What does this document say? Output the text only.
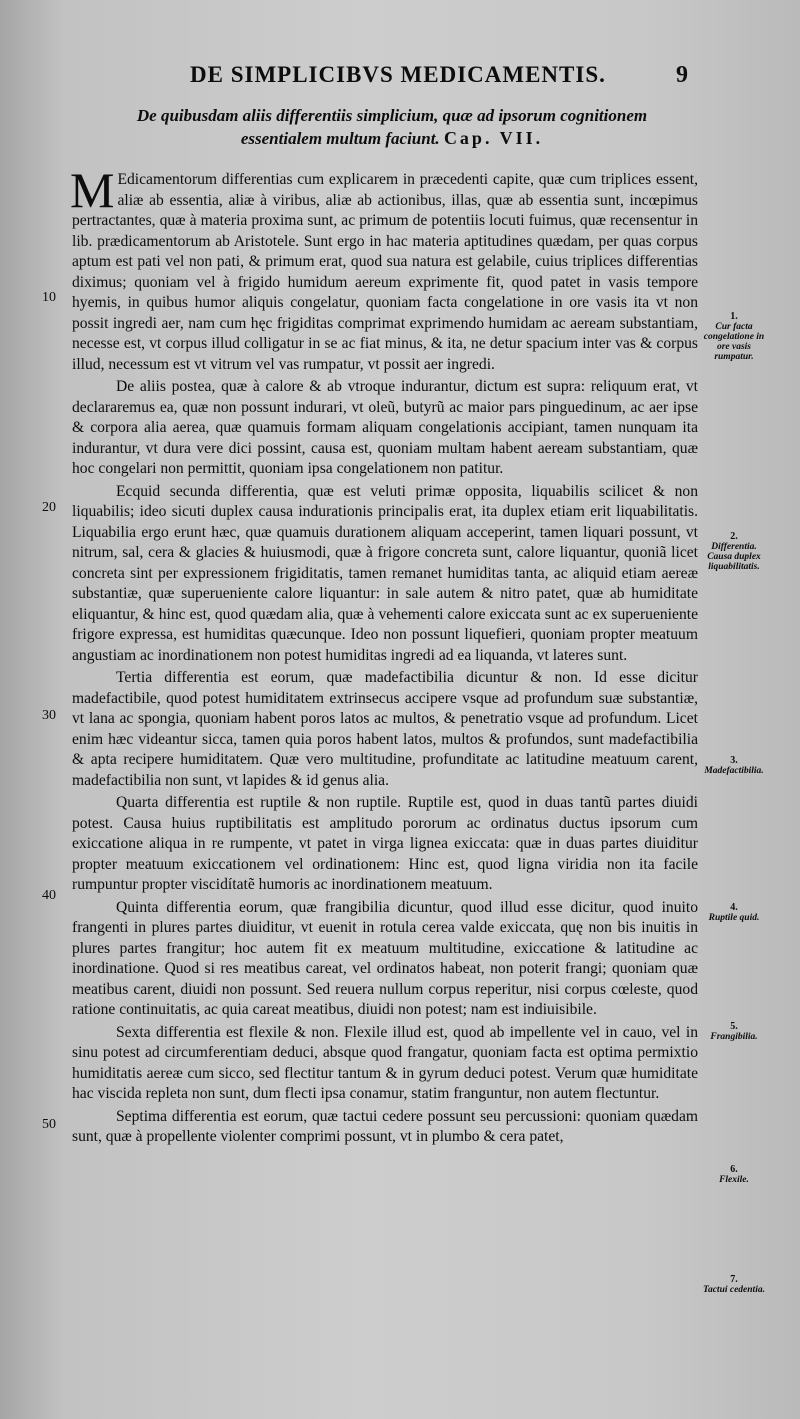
DE SIMPLICIBVS MEDICAMENTIS.	9
De quibusdam aliis differentiis simplicium, quæ ad ipsorum cognitionem essentialem multum faciunt. Cap. VII.

M Edicamentorum differentias cum explicarem in præcedenti capite, quæ cum triplices essent, aliæ ab essentia, aliæ à viribus, aliæ ab actionibus, illas, quæ ab essentia sunt, incœpimus pertractantes, quæ à materia proxima sunt, ac primum de potentiis locuti fuimus, quæ recensentur in lib. prædicamentorum ab Aristotele. Sunt ergo in hac materia aptitudines quædam, per quas corpus aptum est pati vel non pati, & primum erat, quod sua natura est gelabile, cuius triplices differentias diximus; quoniam vel à frigido humidum aereum exprimente fit, quod patet in vasis tempore hyemis, in quibus humor aliquis congelatur, quoniam facta congelatione in ore vasis ita vt non possit ingredi aer, nam cum hęc frigiditas comprimat exprimendo humidam ac aeream substantiam, necesse est, vt corpus illud colligatur in se ac fiat minus, & ita, ne detur spacium inter vas & corpus illud, necessum est vt vitrum vel vas rumpatur, vt possit aer ingredi.

De aliis postea, quæ à calore & ab vtroque indurantur, dictum est supra: reliquum erat, vt declararemus ea, quæ non possunt indurari, vt oleũ, butyrũ ac maior pars pinguedinum, ac aer ipse & corpora alia aerea, quæ quamuis formam aliquam congelationis accipiant, tamen nunquam ita indurantur, vt dura vere dici possint, causa est, quoniam multam habent aeream substantiam, quæ hoc congelari non permittit, quoniam ipsa congelationem non patitur.

Ecquid secunda differentia, quæ est veluti primæ opposita, liquabilis scilicet & non liquabilis; ideo sicuti duplex causa indurationis principalis erat, ita duplex etiam erit liquabilitatis. Liquabilia ergo erunt hæc, quæ quamuis durationem aliquam acceperint, tamen liquari possunt, vt nitrum, sal, cera & glacies & huiusmodi, quæ à frigore concreta sunt, calore liquantur, quoniã licet concreta sint per expressionem frigiditatis, tamen remanet humiditas tanta, ac aliquid etiam aereæ substantiæ, quæ superueniente calore liquantur: in sale autem & nitro patet, quæ ab humiditate eliquantur, & hinc est, quod quædam alia, quæ à vehementi calore exiccata sunt ac ex superueniente frigore expressa, est humiditas quæcunque. Ideo non possunt liquefieri, quoniam propter meatuum angustiam ac inordinationem non potest humiditas ingredi ad ea liquanda, vt lateres sunt.

Tertia differentia est eorum, quæ madefactibilia dicuntur & non. Id esse dicitur madefactibile, quod potest humiditatem extrinsecus accipere vsque ad profundum suæ substantiæ, vt lana ac spongia, quoniam habent poros latos ac multos, & penetratio vsque ad profundum. Licet enim hæc videantur sicca, tamen quia poros habent latos, multos & profundos, sunt madefactibilia & apta recipere humiditatem. Quæ vero multitudine, profunditate ac latitudine meatuum carent, madefactibilia non sunt, vt lapides & id genus alia.

Quarta differentia est ruptile & non ruptile. Ruptile est, quod in duas tantũ partes diuidi potest. Causa huius ruptibilitatis est amplitudo pororum ac ordinatus ductus ipsorum cum exiccatione aliqua in re rumpente, vt patet in virga lignea exiccata: quæ in duas partes diuiditur propter meatuum exiccationem vel ordinationem: Hinc est, quod ligna viridia non ita facile rumpuntur propter viscidítatẽ humoris ac inordinationem meatuum.

Quinta differentia eorum, quæ frangibilia dicuntur, quod illud esse dicitur, quod inuito frangenti in plures partes diuiditur, vt euenit in rotula cerea valde exiccata, quę non bis inuitis in plures partes frangitur; hoc autem fit ex meatuum multitudine, exiccatione & latitudine ac inordinatione. Quod si res meatibus careat, vel ordinatos habeat, non poterit frangi; quoniam quæ meatibus carent, diuidi non possunt. Sed reuera nullum corpus reperitur, nisi corpus cœleste, quod ratione continuitatis, ac quia careat meatibus, diuidi non potest; nam est indiuisibile.

Sexta differentia est flexile & non. Flexile illud est, quod ab impellente vel in cauo, vel in sinu potest ad circumferentiam deduci, absque quod frangatur, quoniam facta est optima permixtio humiditatis aereæ cum sicco, sed flectitur tantum & in gyrum deduci potest. Verum quæ humiditate hac viscida repleta non sunt, dum flecti ipsa conamur, statim franguntur, non autem flectuntur.

Septima differentia est eorum, quæ tactui cedere possunt seu percussioni: quoniam quædam sunt, quæ à propellente violenter comprimi possunt, vt in plumbo & cera patet,

10
20
30
40
50
1.
Cur facta congelatione in ore vasis rumpatur.
2.
Differentia. Causa duplex liquabilitatis.
3.
Madefactibilia.
4.
Ruptile quid.
5.
Frangibilia.
6.
Flexile.
7.
Tactui cedentia.
